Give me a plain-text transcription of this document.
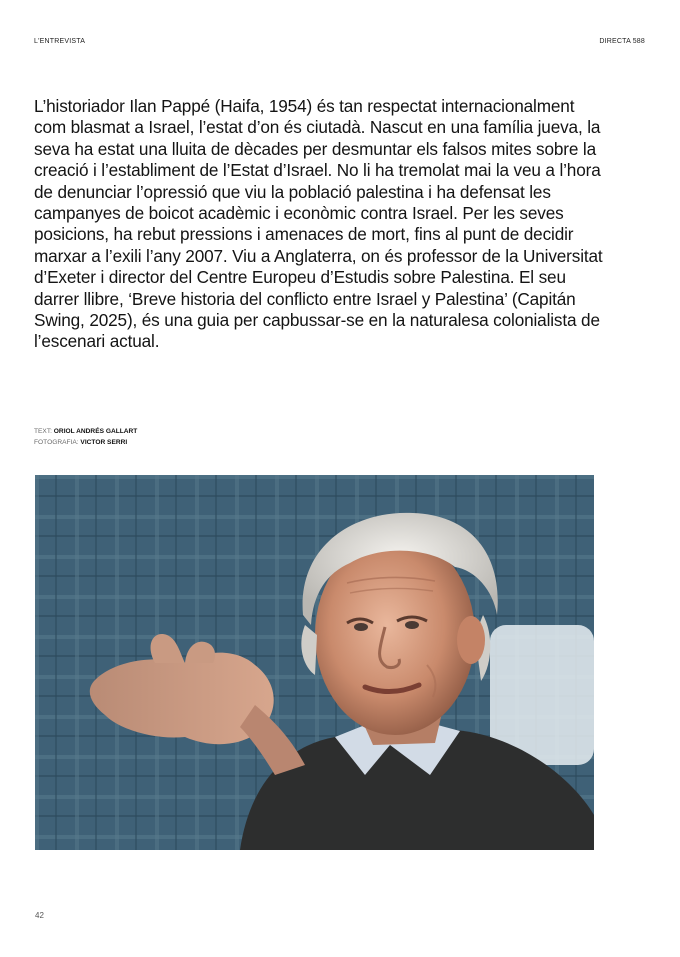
L'ENTREVISTA	DIRECTA 588

L’historiador Ilan Pappé (Haifa, 1954) és tan respectat internacionalment com blasmat a Israel, l’estat d’on és ciutadà. Nascut en una família jueva, la seva ha estat una lluita de dècades per desmuntar els falsos mites sobre la creació i l’establiment de l’Estat d’Israel. No li ha tremolat mai la veu a l’hora de denunciar l’opressió que viu la població palestina i ha defensat les campanyes de boicot acadèmic i econòmic contra Israel. Per les seves posicions, ha rebut pressions i amenaces de mort, fins al punt de decidir marxar a l’exili l’any 2007. Viu a Anglaterra, on és professor de la Universitat d’Exeter i director del Centre Europeu d’Estudis sobre Palestina. El seu darrer llibre, ‘Breve historia del conflicto entre Israel y Palestina’ (Capitán Swing, 2025), és una guia per capbussar-se en la naturalesa colonialista de l’escenari actual.

TEXT: ORIOL ANDRÉS GALLART
FOTOGRAFIA: VICTOR SERRI
42
